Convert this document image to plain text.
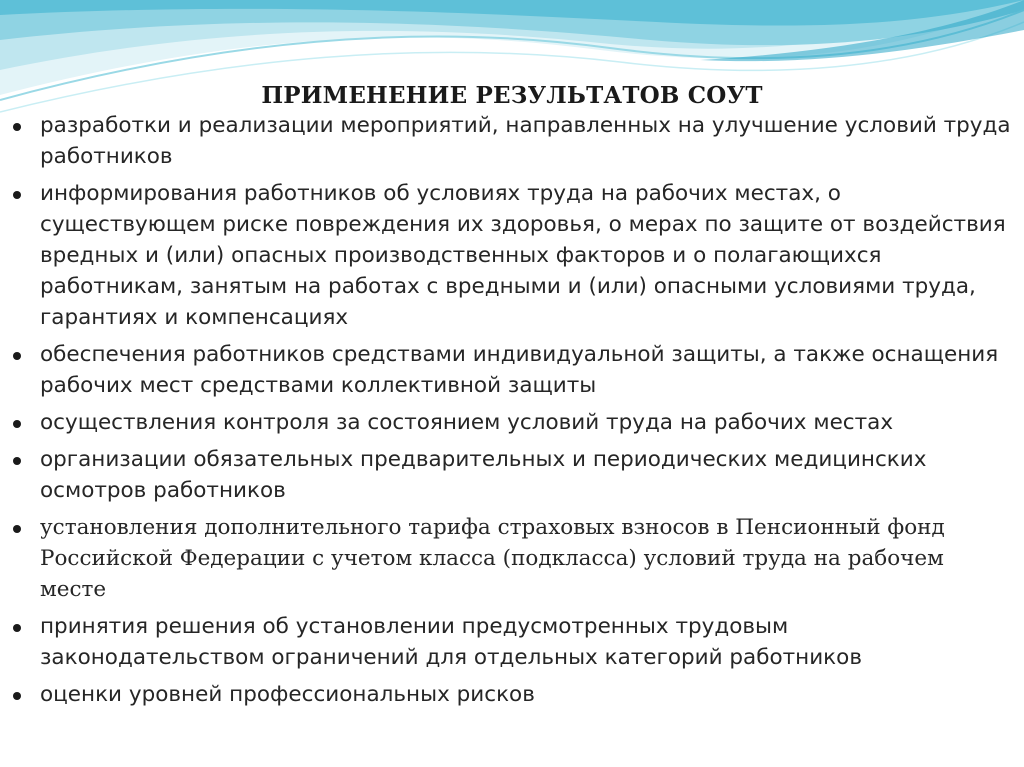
ПРИМЕНЕНИЕ РЕЗУЛЬТАТОВ СОУТ
разработки и реализации мероприятий, направленных на улучшение условий труда работников
информирования работников об условиях труда на рабочих местах, о существующем риске повреждения их здоровья, о мерах по защите от воздействия вредных и (или) опасных производственных факторов и о полагающихся работникам, занятым на работах с вредными и (или) опасными условиями труда, гарантиях и компенсациях
обеспечения работников средствами индивидуальной защиты, а также оснащения рабочих мест средствами коллективной защиты
осуществления контроля за состоянием условий труда на рабочих местах
организации обязательных предварительных и периодических медицинских осмотров работников
установления дополнительного тарифа страховых взносов в Пенсионный фонд Российской Федерации с учетом класса (подкласса) условий труда на рабочем месте
принятия решения об установлении предусмотренных трудовым законодательством ограничений для отдельных категорий работников
оценки уровней профессиональных рисков
